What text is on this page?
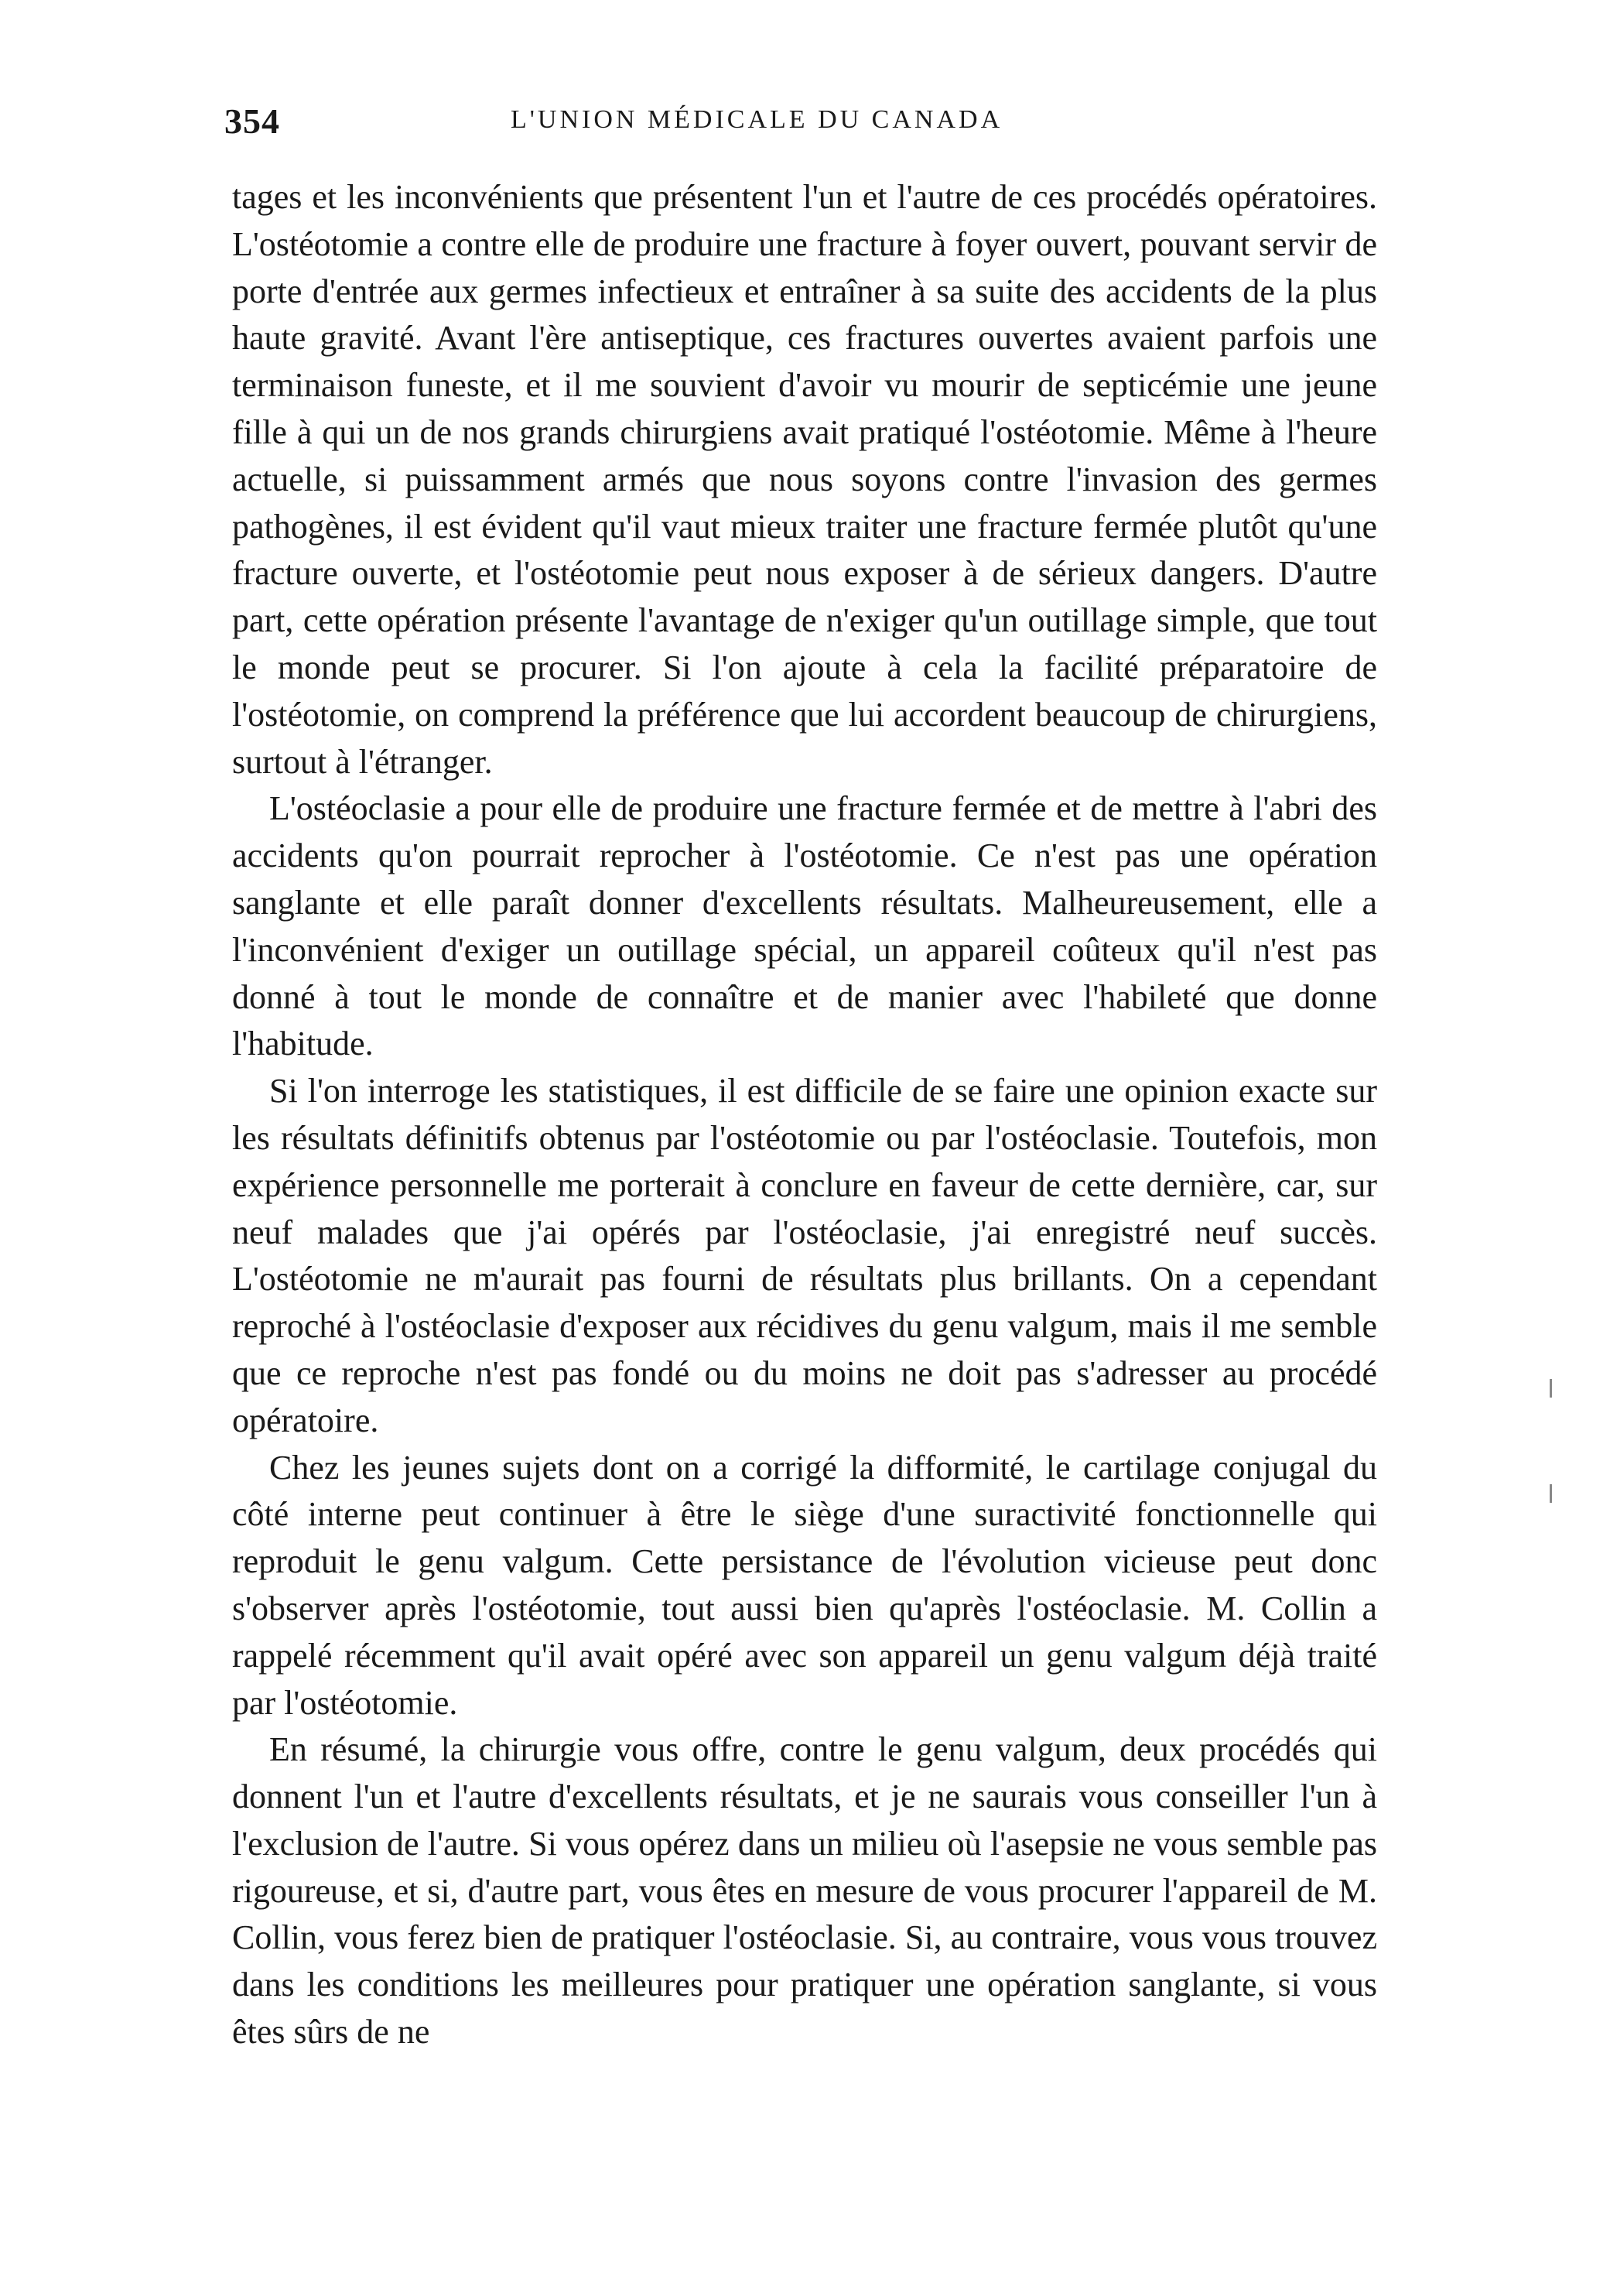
354	L'UNION MÉDICALE DU CANADA

tages et les inconvénients que présentent l'un et l'autre de ces procédés opératoires. L'ostéotomie a contre elle de produire une fracture à foyer ouvert, pouvant servir de porte d'entrée aux germes infectieux et entraîner à sa suite des accidents de la plus haute gravité. Avant l'ère antiseptique, ces fractures ouvertes avaient parfois une terminaison funeste, et il me souvient d'avoir vu mourir de septicémie une jeune fille à qui un de nos grands chirurgiens avait pratiqué l'ostéotomie. Même à l'heure actuelle, si puissamment armés que nous soyons contre l'invasion des germes pathogènes, il est évident qu'il vaut mieux traiter une fracture fermée plutôt qu'une fracture ouverte, et l'ostéotomie peut nous exposer à de sérieux dangers. D'autre part, cette opération présente l'avantage de n'exiger qu'un outillage simple, que tout le monde peut se procurer. Si l'on ajoute à cela la facilité préparatoire de l'ostéotomie, on comprend la préférence que lui accordent beaucoup de chirurgiens, surtout à l'étranger.

L'ostéoclasie a pour elle de produire une fracture fermée et de mettre à l'abri des accidents qu'on pourrait reprocher à l'ostéotomie. Ce n'est pas une opération sanglante et elle paraît donner d'excellents résultats. Malheureusement, elle a l'inconvénient d'exiger un outillage spécial, un appareil coûteux qu'il n'est pas donné à tout le monde de connaître et de manier avec l'habileté que donne l'habitude.

Si l'on interroge les statistiques, il est difficile de se faire une opinion exacte sur les résultats définitifs obtenus par l'ostéotomie ou par l'ostéoclasie. Toutefois, mon expérience personnelle me porterait à conclure en faveur de cette dernière, car, sur neuf malades que j'ai opérés par l'ostéoclasie, j'ai enregistré neuf succès. L'ostéotomie ne m'aurait pas fourni de résultats plus brillants. On a cependant reproché à l'ostéoclasie d'exposer aux récidives du genu valgum, mais il me semble que ce reproche n'est pas fondé ou du moins ne doit pas s'adresser au procédé opératoire.

Chez les jeunes sujets dont on a corrigé la difformité, le cartilage conjugal du côté interne peut continuer à être le siège d'une suractivité fonctionnelle qui reproduit le genu valgum. Cette persistance de l'évolution vicieuse peut donc s'observer après l'ostéotomie, tout aussi bien qu'après l'ostéoclasie. M. Collin a rappelé récemment qu'il avait opéré avec son appareil un genu valgum déjà traité par l'ostéotomie.

En résumé, la chirurgie vous offre, contre le genu valgum, deux procédés qui donnent l'un et l'autre d'excellents résultats, et je ne saurais vous conseiller l'un à l'exclusion de l'autre. Si vous opérez dans un milieu où l'asepsie ne vous semble pas rigoureuse, et si, d'autre part, vous êtes en mesure de vous procurer l'appareil de M. Collin, vous ferez bien de pratiquer l'ostéoclasie. Si, au contraire, vous vous trouvez dans les conditions les meilleures pour pratiquer une opération sanglante, si vous êtes sûrs de ne
